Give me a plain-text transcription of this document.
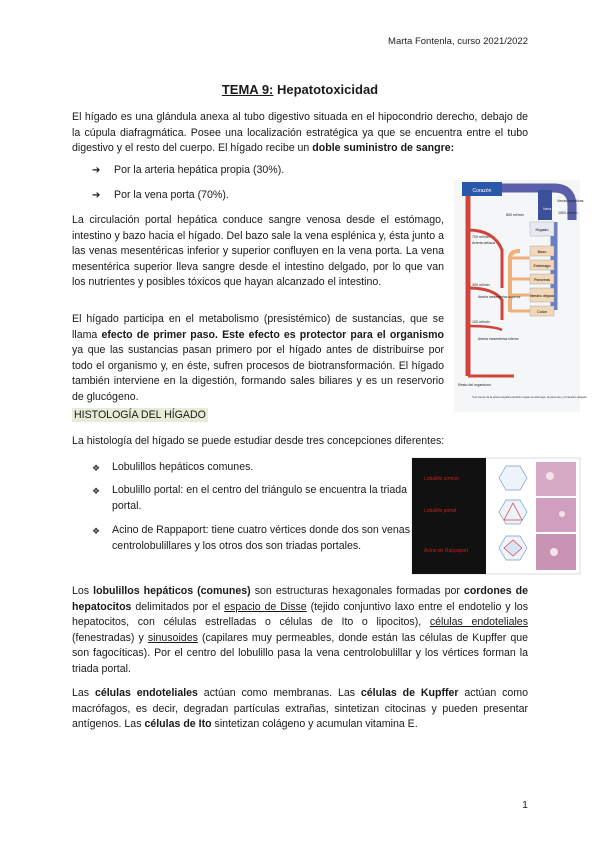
Marta Fontenla, curso 2021/2022
TEMA 9: Hepatotoxicidad

El hígado es una glándula anexa al tubo digestivo situada en el hipocondrio derecho, debajo de la cúpula diafragmática. Posee una localización estratégica ya que se encuentra entre el tubo digestivo y el resto del cuerpo. El hígado recibe un doble suministro de sangre:

➔ Por la arteria hepática propia (30%).
➔ Por la vena porta (70%).

La circulación portal hepática conduce sangre venosa desde el estómago, intestino y bazo hacia el hígado. Del bazo sale la vena esplénica y, ésta junto a las venas mesentéricas inferior y superior confluyen en la vena porta. La vena mesentérica superior lleva sangre desde el intestino delgado, por lo que van los nutrientes y posibles tóxicos que hayan alcanzado el intestino.

El hígado participa en el metabolismo (presistémico) de sustancias, que se llama efecto de primer paso. Este efecto es protector para el organismo ya que las sustancias pasan primero por el hígado antes de distribuirse por todo el organismo y, en éste, sufren procesos de biotransformación. El hígado también interviene en la digestión, formando sales biliares y es un reservorio de glucógeno.

HISTOLOGÍA DEL HÍGADO

La histología del hígado se puede estudiar desde tres concepciones diferentes:

❖ Lobulillos hepáticos comunes.
❖ Lobulillo portal: en el centro del triángulo se encuentra la triada portal.
❖ Acino de Rappaport: tiene cuatro vértices donde dos son venas centrolobulillares y los otros dos son triadas portales.

Los lobulillos hepáticos (comunes) son estructuras hexagonales formadas por cordones de hepatocitos delimitados por el espacio de Disse (tejido conjuntivo laxo entre el endotelio y los hepatocitos, con células estrelladas o células de Ito o lipocitos), células endoteliales (fenestradas) y sinusoides (capilares muy permeables, donde están las células de Kupffer que son fagocíticas). Por el centro del lobulillo pasa la vena centrolobulillar y los vértices forman la triada portal.

Las células endoteliales actúan como membranas. Las células de Kupffer actúan como macrófagos, es decir, degradan partículas extrañas, sintetizan citocinas y pueden presentar antígenos. Las células de Ito sintetizan colágeno y acumulan vitamina E.

Corazón
Vena cava
Venas hepáticas
1500 ml/min
800 ml/min
Hígado
Bazo
Estómago
Páncreas
Intestino delgado
Colon
700 ml/min
Arteria celíaca
300 ml/min
Arteria mesentérica superior
100 ml/min
Arteria mesentérica inferior
Resto del organismo
*Los ramos de la arteria hepática también riegan el estómago, el páncreas y el intestino delgado.
Lobulillo común
Lobulillo portal
Acino de Rappaport
1
